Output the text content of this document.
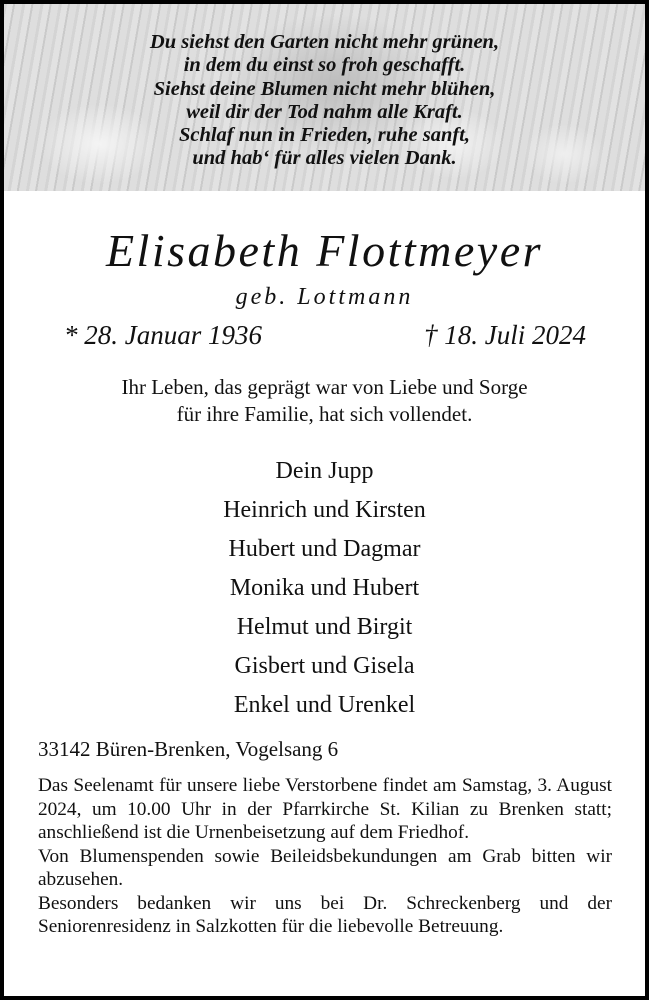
Du siehst den Garten nicht mehr grünen,
in dem du einst so froh geschafft.
Siehst deine Blumen nicht mehr blühen,
weil dir der Tod nahm alle Kraft.
Schlaf nun in Frieden, ruhe sanft,
und hab‘ für alles vielen Dank.
Elisabeth Flottmeyer
geb. Lottmann
* 28. Januar 1936	† 18. Juli 2024
Ihr Leben, das geprägt war von Liebe und Sorge
für ihre Familie, hat sich vollendet.
Dein Jupp
Heinrich und Kirsten
Hubert und Dagmar
Monika und Hubert
Helmut und Birgit
Gisbert und Gisela
Enkel und Urenkel
33142 Büren-Brenken, Vogelsang 6

Das Seelenamt für unsere liebe Verstorbene findet am Samstag, 3. August 2024, um 10.00 Uhr in der Pfarrkirche St. Kilian zu Brenken statt; anschließend ist die Urnenbeisetzung auf dem Friedhof.

Von Blumenspenden sowie Beileidsbekundungen am Grab bitten wir abzusehen.

Besonders bedanken wir uns bei Dr. Schreckenberg und der Seniorenresidenz in Salzkotten für die liebevolle Betreuung.
